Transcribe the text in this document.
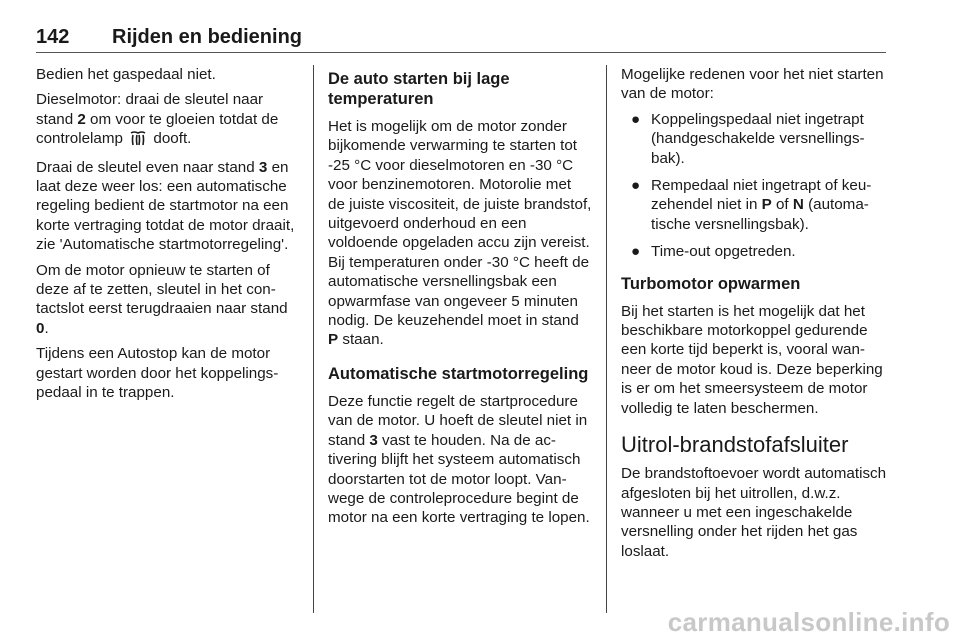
142 Rijden en bediening

Bedien het gaspedaal niet.

Dieselmotor: draai de sleutel naar stand 2 om voor te gloeien totdat de controlelamp  dooft.

Draai de sleutel even naar stand 3 en laat deze weer los: een automatische regeling bedient de startmotor na een korte vertraging totdat de motor draait, zie 'Automatische startmotorregeling'.

Om de motor opnieuw te starten of deze af te zetten, sleutel in het contactslot eerst terugdraaien naar stand 0.

Tijdens een Autostop kan de motor gestart worden door het koppelingspedaal in te trappen.

De auto starten bij lage temperaturen

Het is mogelijk om de motor zonder bijkomende verwarming te starten tot -25 °C voor dieselmotoren en -30 °C voor benzinemotoren. Motorolie met de juiste viscositeit, de juiste brandstof, uitgevoerd onderhoud en een voldoende opgeladen accu zijn vereist. Bij temperaturen onder -30 °C heeft de automatische versnellingsbak een opwarmfase van ongeveer 5 minuten nodig. De keuzehendel moet in stand P staan.

Automatische startmotorregeling

Deze functie regelt de startprocedure van de motor. U hoeft de sleutel niet in stand 3 vast te houden. Na de activering blijft het systeem automatisch doorstarten tot de motor loopt. Vanwege de controleprocedure begint de motor na een korte vertraging te lopen.

Mogelijke redenen voor het niet starten van de motor:

● Koppelingspedaal niet ingetrapt (handgeschakelde versnellingsbak).
● Rempedaal niet ingetrapt of keuzehendel niet in P of N (automatische versnellingsbak).
● Time-out opgetreden.
Turbomotor opwarmen

Bij het starten is het mogelijk dat het beschikbare motorkoppel gedurende een korte tijd beperkt is, vooral wanneer de motor koud is. Deze beperking is er om het smeersysteem de motor volledig te laten beschermen.

Uitrol-brandstofafsluiter

De brandstoftoevoer wordt automatisch afgesloten bij het uitrollen, d.w.z. wanneer u met een ingeschakelde versnelling onder het rijden het gas loslaat.

carmanualsonline.info
